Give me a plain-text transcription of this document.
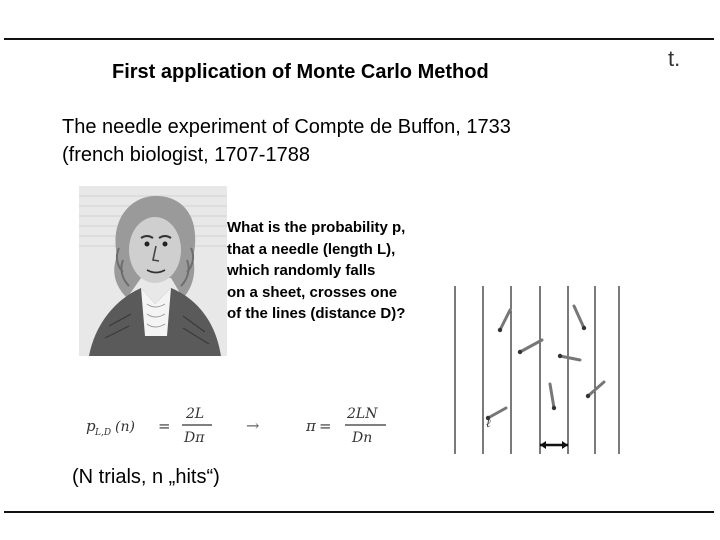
First application of Monte Carlo Method
t.
The needle experiment of Compte de Buffon, 1733
(french biologist, 1707-1788
What is the probability p,
that a needle (length L),
which randomly falls
on a sheet, crosses one
of the lines (distance D)?
ℓ
p L,D (n) =
2L
Dπ
→	π =
2LN
Dn
(N trials, n „hits“)
